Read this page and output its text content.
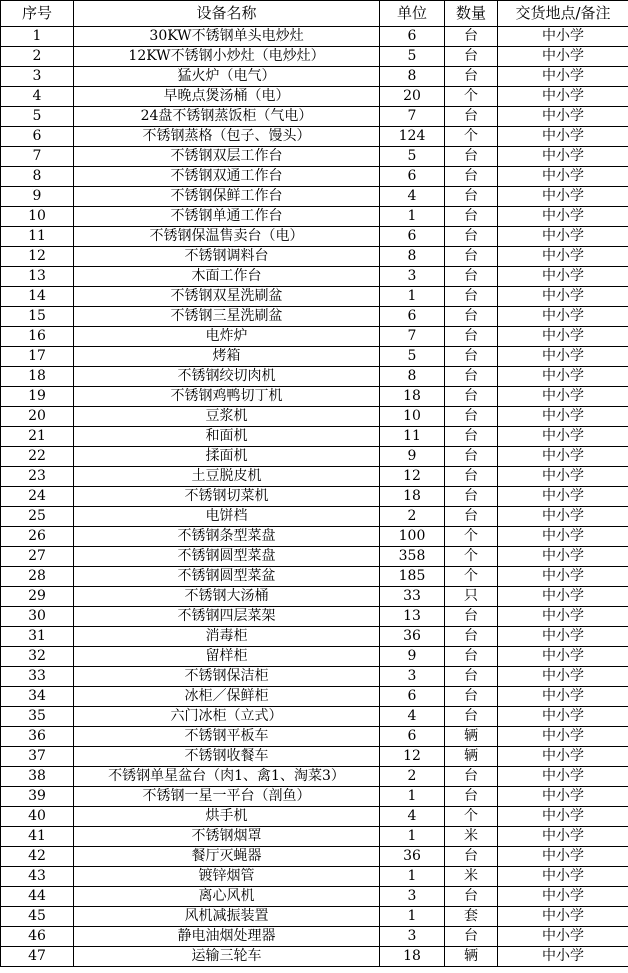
序号	设备名称	单位	数量	交货地点/备注
1	30KW不锈钢单头电炒灶	6	台	中小学
2	12KW不锈钢小炒灶（电炒灶）	5	台	中小学
3	猛火炉（电气）	8	台	中小学
4	早晚点煲汤桶（电）	20	个	中小学
5	24盘不锈钢蒸饭柜（气电）	7	台	中小学
6	不锈钢蒸格（包子、馒头）	124	个	中小学
7	不锈钢双层工作台	5	台	中小学
8	不锈钢双通工作台	6	台	中小学
9	不锈钢保鲜工作台	4	台	中小学
10	不锈钢单通工作台	1	台	中小学
11	不锈钢保温售卖台（电）	6	台	中小学
12	不锈钢调料台	8	台	中小学
13	木面工作台	3	台	中小学
14	不锈钢双星洗刷盆	1	台	中小学
15	不锈钢三星洗刷盆	6	台	中小学
16	电炸炉	7	台	中小学
17	烤箱	5	台	中小学
18	不锈钢绞切肉机	8	台	中小学
19	不锈钢鸡鸭切丁机	18	台	中小学
20	豆浆机	10	台	中小学
21	和面机	11	台	中小学
22	揉面机	9	台	中小学
23	土豆脱皮机	12	台	中小学
24	不锈钢切菜机	18	台	中小学
25	电饼档	2	台	中小学
26	不锈钢条型菜盘	100	个	中小学
27	不锈钢圆型菜盘	358	个	中小学
28	不锈钢圆型菜盆	185	个	中小学
29	不锈钢大汤桶	33	只	中小学
30	不锈钢四层菜架	13	台	中小学
31	消毒柜	36	台	中小学
32	留样柜	9	台	中小学
33	不锈钢保洁柜	3	台	中小学
34	冰柜／保鲜柜	6	台	中小学
35	六门冰柜（立式）	4	台	中小学
36	不锈钢平板车	6	辆	中小学
37	不锈钢收餐车	12	辆	中小学
38	不锈钢单星盆台（肉1、禽1、淘菜3）	2	台	中小学
39	不锈钢一星一平台（剖鱼）	1	台	中小学
40	烘手机	4	个	中小学
41	不锈钢烟罩	1	米	中小学
42	餐厅灭蝇器	36	台	中小学
43	镀锌烟管	1	米	中小学
44	离心风机	3	台	中小学
45	风机减振装置	1	套	中小学
46	静电油烟处理器	3	台	中小学
47	运输三轮车	18	辆	中小学
